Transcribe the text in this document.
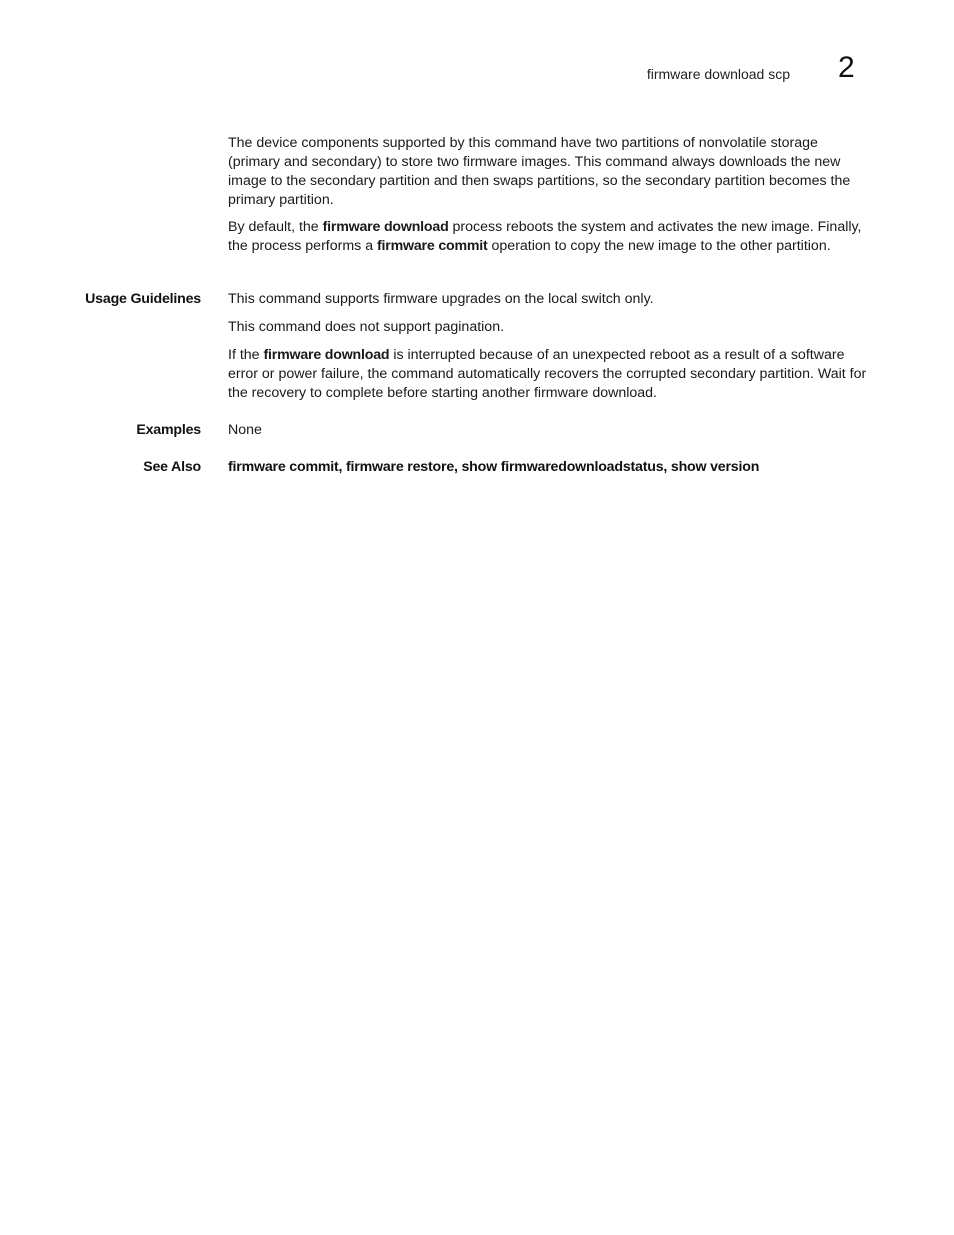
firmware download scp 2
The device components supported by this command have two partitions of nonvolatile storage (primary and secondary) to store two firmware images. This command always downloads the new image to the secondary partition and then swaps partitions, so the secondary partition becomes the primary partition.
By default, the firmware download process reboots the system and activates the new image. Finally, the process performs a firmware commit operation to copy the new image to the other partition.
Usage Guidelines This command supports firmware upgrades on the local switch only.
This command does not support pagination.
If the firmware download is interrupted because of an unexpected reboot as a result of a software error or power failure, the command automatically recovers the corrupted secondary partition. Wait for the recovery to complete before starting another firmware download.
Examples None
See Also firmware commit, firmware restore, show firmwaredownloadstatus, show version
